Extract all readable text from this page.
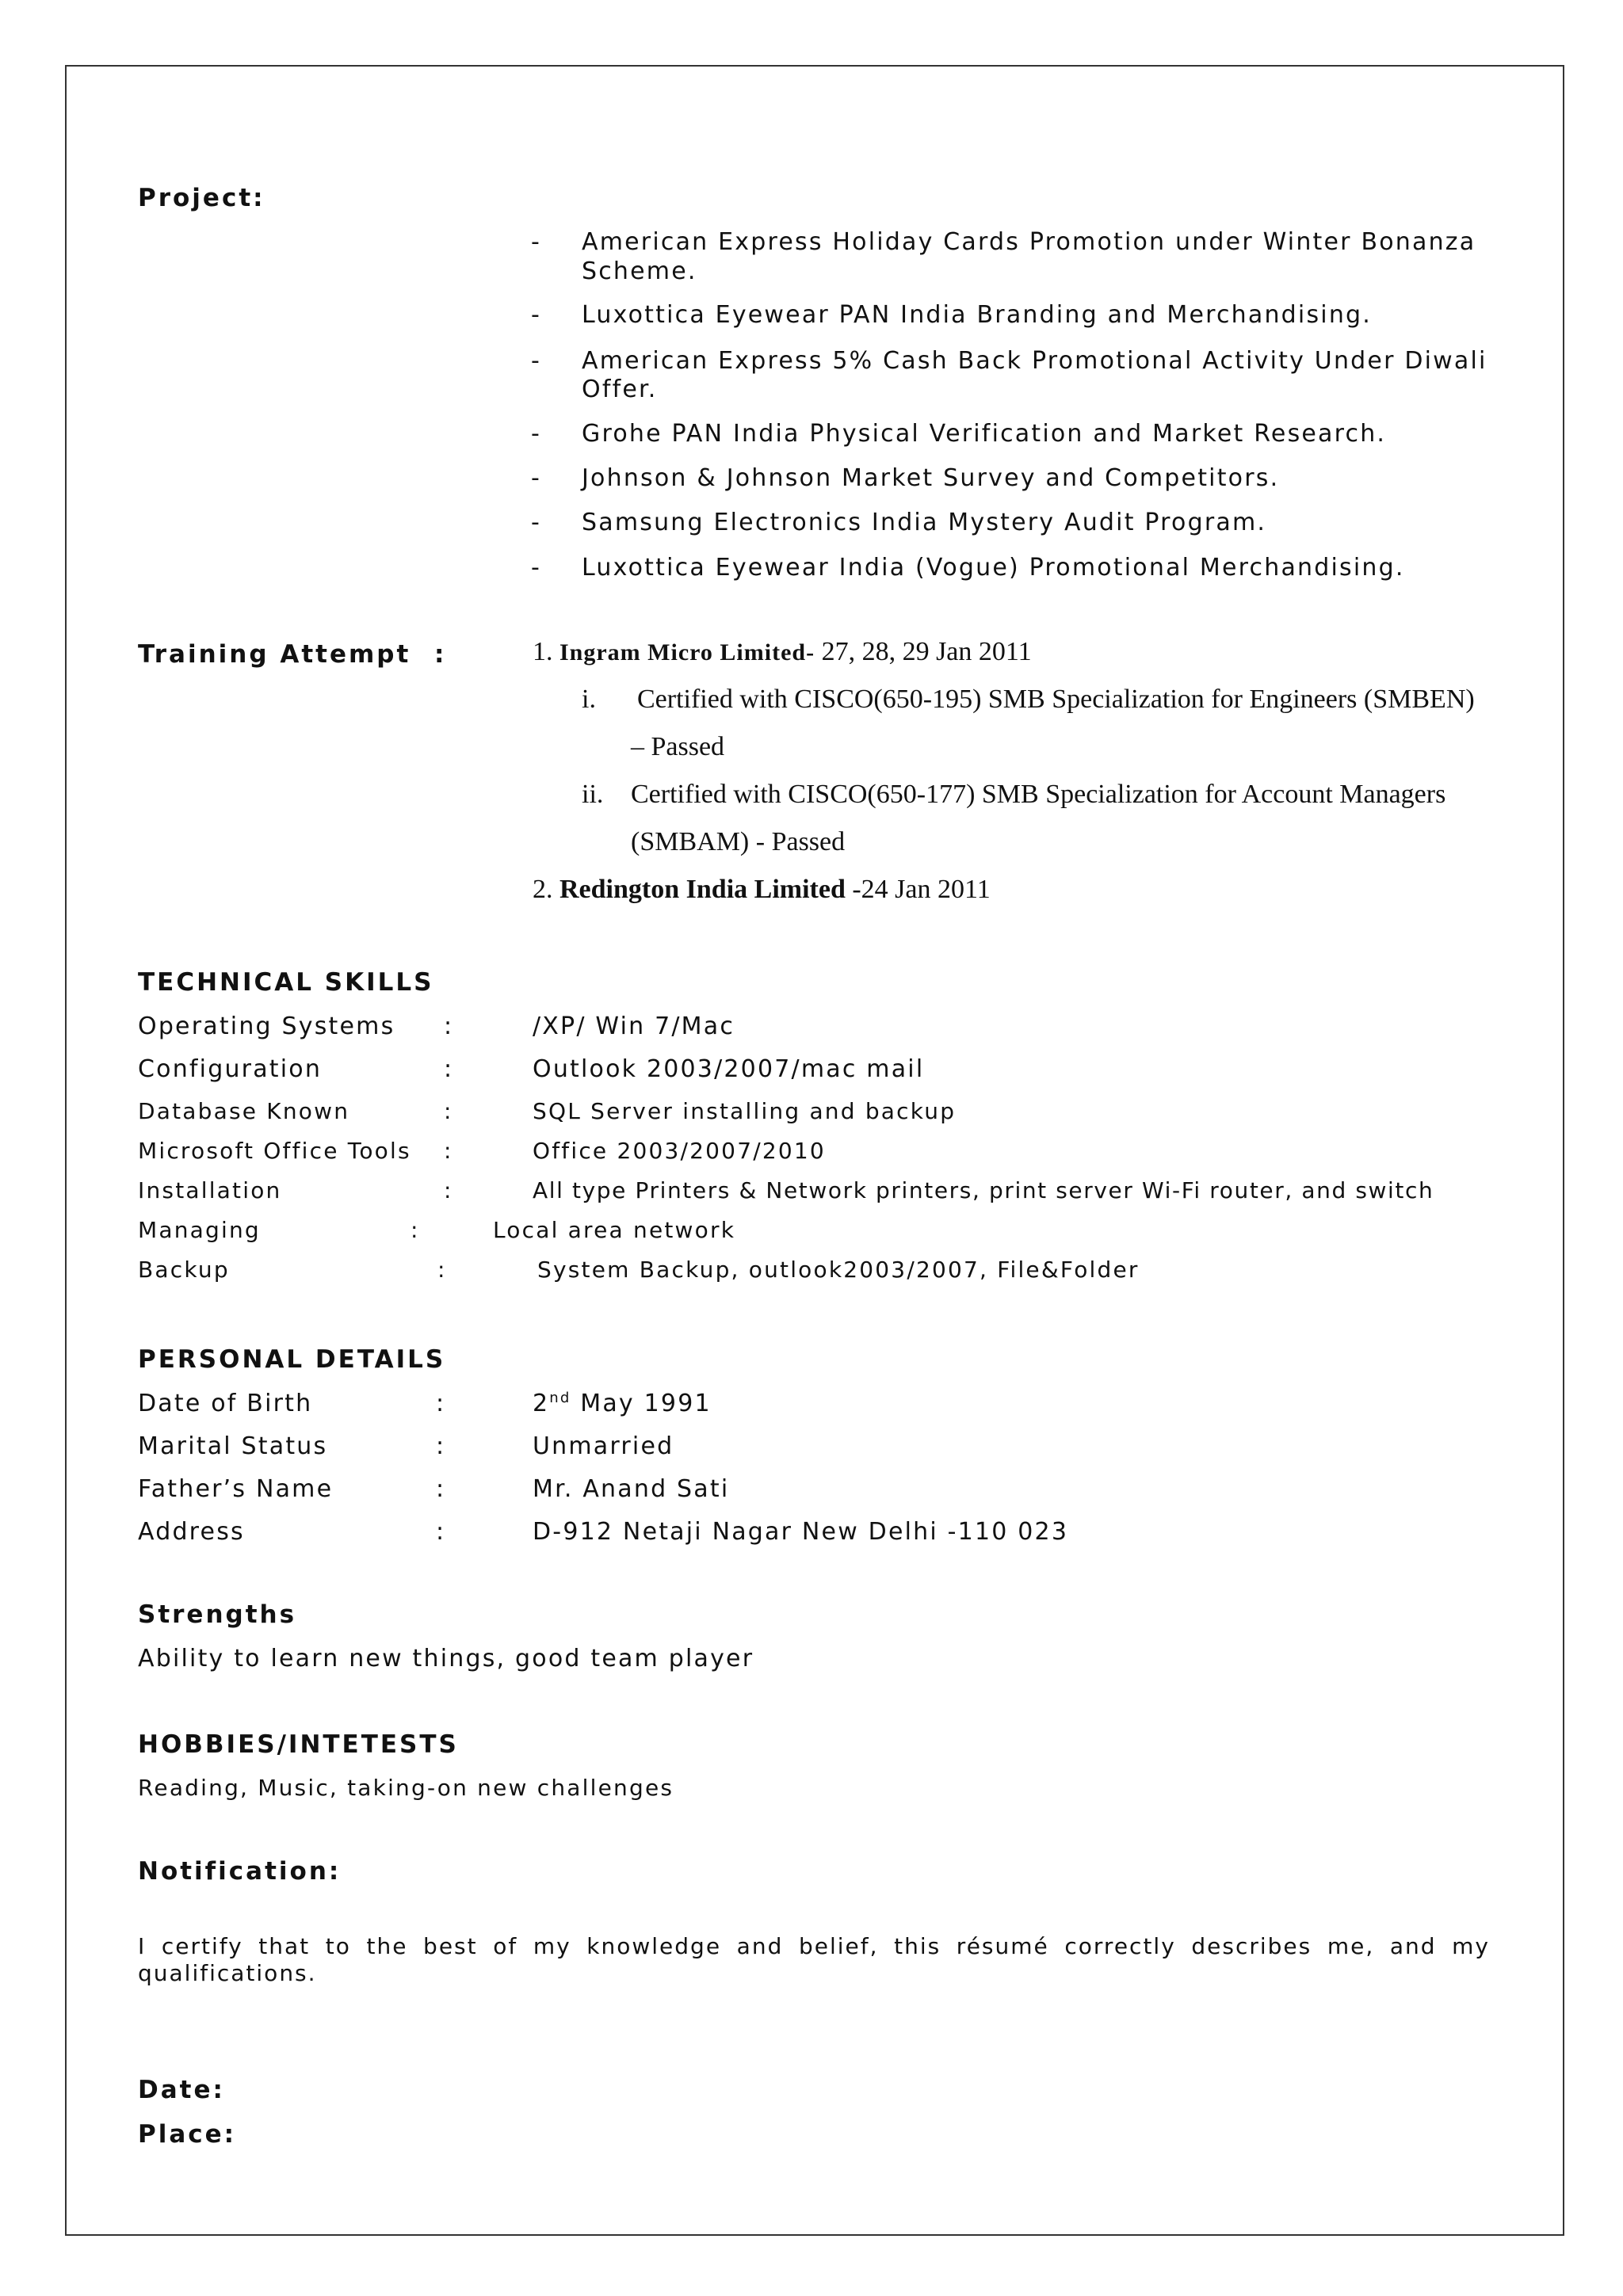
Project:
- American Express Holiday Cards Promotion under Winter Bonanza
Scheme.
- Luxottica Eyewear PAN India Branding and Merchandising.
- American Express 5% Cash Back Promotional Activity Under Diwali
Offer.
- Grohe PAN India Physical Verification and Market Research.
- Johnson & Johnson Market Survey and Competitors.
- Samsung Electronics India Mystery Audit Program.
- Luxottica Eyewear India (Vogue) Promotional Merchandising.
Training Attempt :	1. Ingram Micro Limited- 27, 28, 29 Jan 2011
i. Certified with CISCO(650-195) SMB Specialization for Engineers (SMBEN)
– Passed
ii. Certified with CISCO(650-177) SMB Specialization for Account Managers
(SMBAM) - Passed
2. Redington India Limited -24 Jan 2011
TECHNICAL SKILLS
Operating Systems :	/XP/ Win 7/Mac
Configuration	:	Outlook 2003/2007/mac mail
Database Known	:	SQL Server installing and backup
Microsoft Office Tools :	Office 2003/2007/2010
Installation	:	All type Printers & Network printers, print server Wi-Fi router, and switch
Managing	:	Local area network
Backup	:	System Backup, outlook2003/2007, File&Folder
PERSONAL DETAILS
Date of Birth	:	2nd May 1991
Marital Status	:	Unmarried
Father’s Name	:	Mr. Anand Sati
Address	:	D-912 Netaji Nagar New Delhi -110 023
Strengths
Ability to learn new things, good team player
HOBBIES/INTETESTS
Reading, Music, taking-on new challenges
Notification:
I certify that to the best of my knowledge and belief, this résumé correctly describes me, and my qualifications.
Date:
Place:
